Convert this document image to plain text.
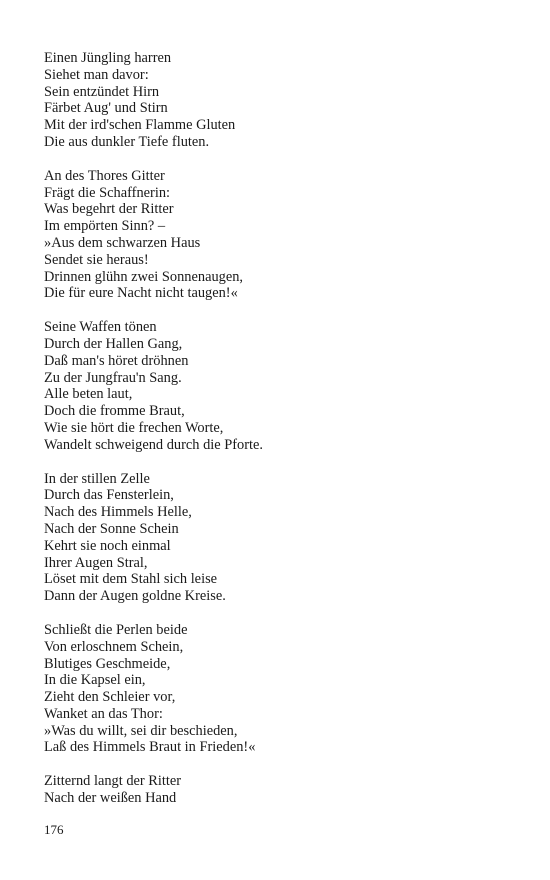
Einen Jüngling harren
Siehet man davor:
Sein entzündet Hirn
Färbet Aug' und Stirn
Mit der ird'schen Flamme Gluten
Die aus dunkler Tiefe fluten.
An des Thores Gitter
Frägt die Schaffnerin:
Was begehrt der Ritter
Im empörten Sinn? –
»Aus dem schwarzen Haus
Sendet sie heraus!
Drinnen glühn zwei Sonnenaugen,
Die für eure Nacht nicht taugen!«
Seine Waffen tönen
Durch der Hallen Gang,
Daß man's höret dröhnen
Zu der Jungfrau'n Sang.
Alle beten laut,
Doch die fromme Braut,
Wie sie hört die frechen Worte,
Wandelt schweigend durch die Pforte.
In der stillen Zelle
Durch das Fensterlein,
Nach des Himmels Helle,
Nach der Sonne Schein
Kehrt sie noch einmal
Ihrer Augen Stral,
Löset mit dem Stahl sich leise
Dann der Augen goldne Kreise.
Schließt die Perlen beide
Von erloschnem Schein,
Blutiges Geschmeide,
In die Kapsel ein,
Zieht den Schleier vor,
Wanket an das Thor:
»Was du willt, sei dir beschieden,
Laß des Himmels Braut in Frieden!«
Zitternd langt der Ritter
Nach der weißen Hand
176
